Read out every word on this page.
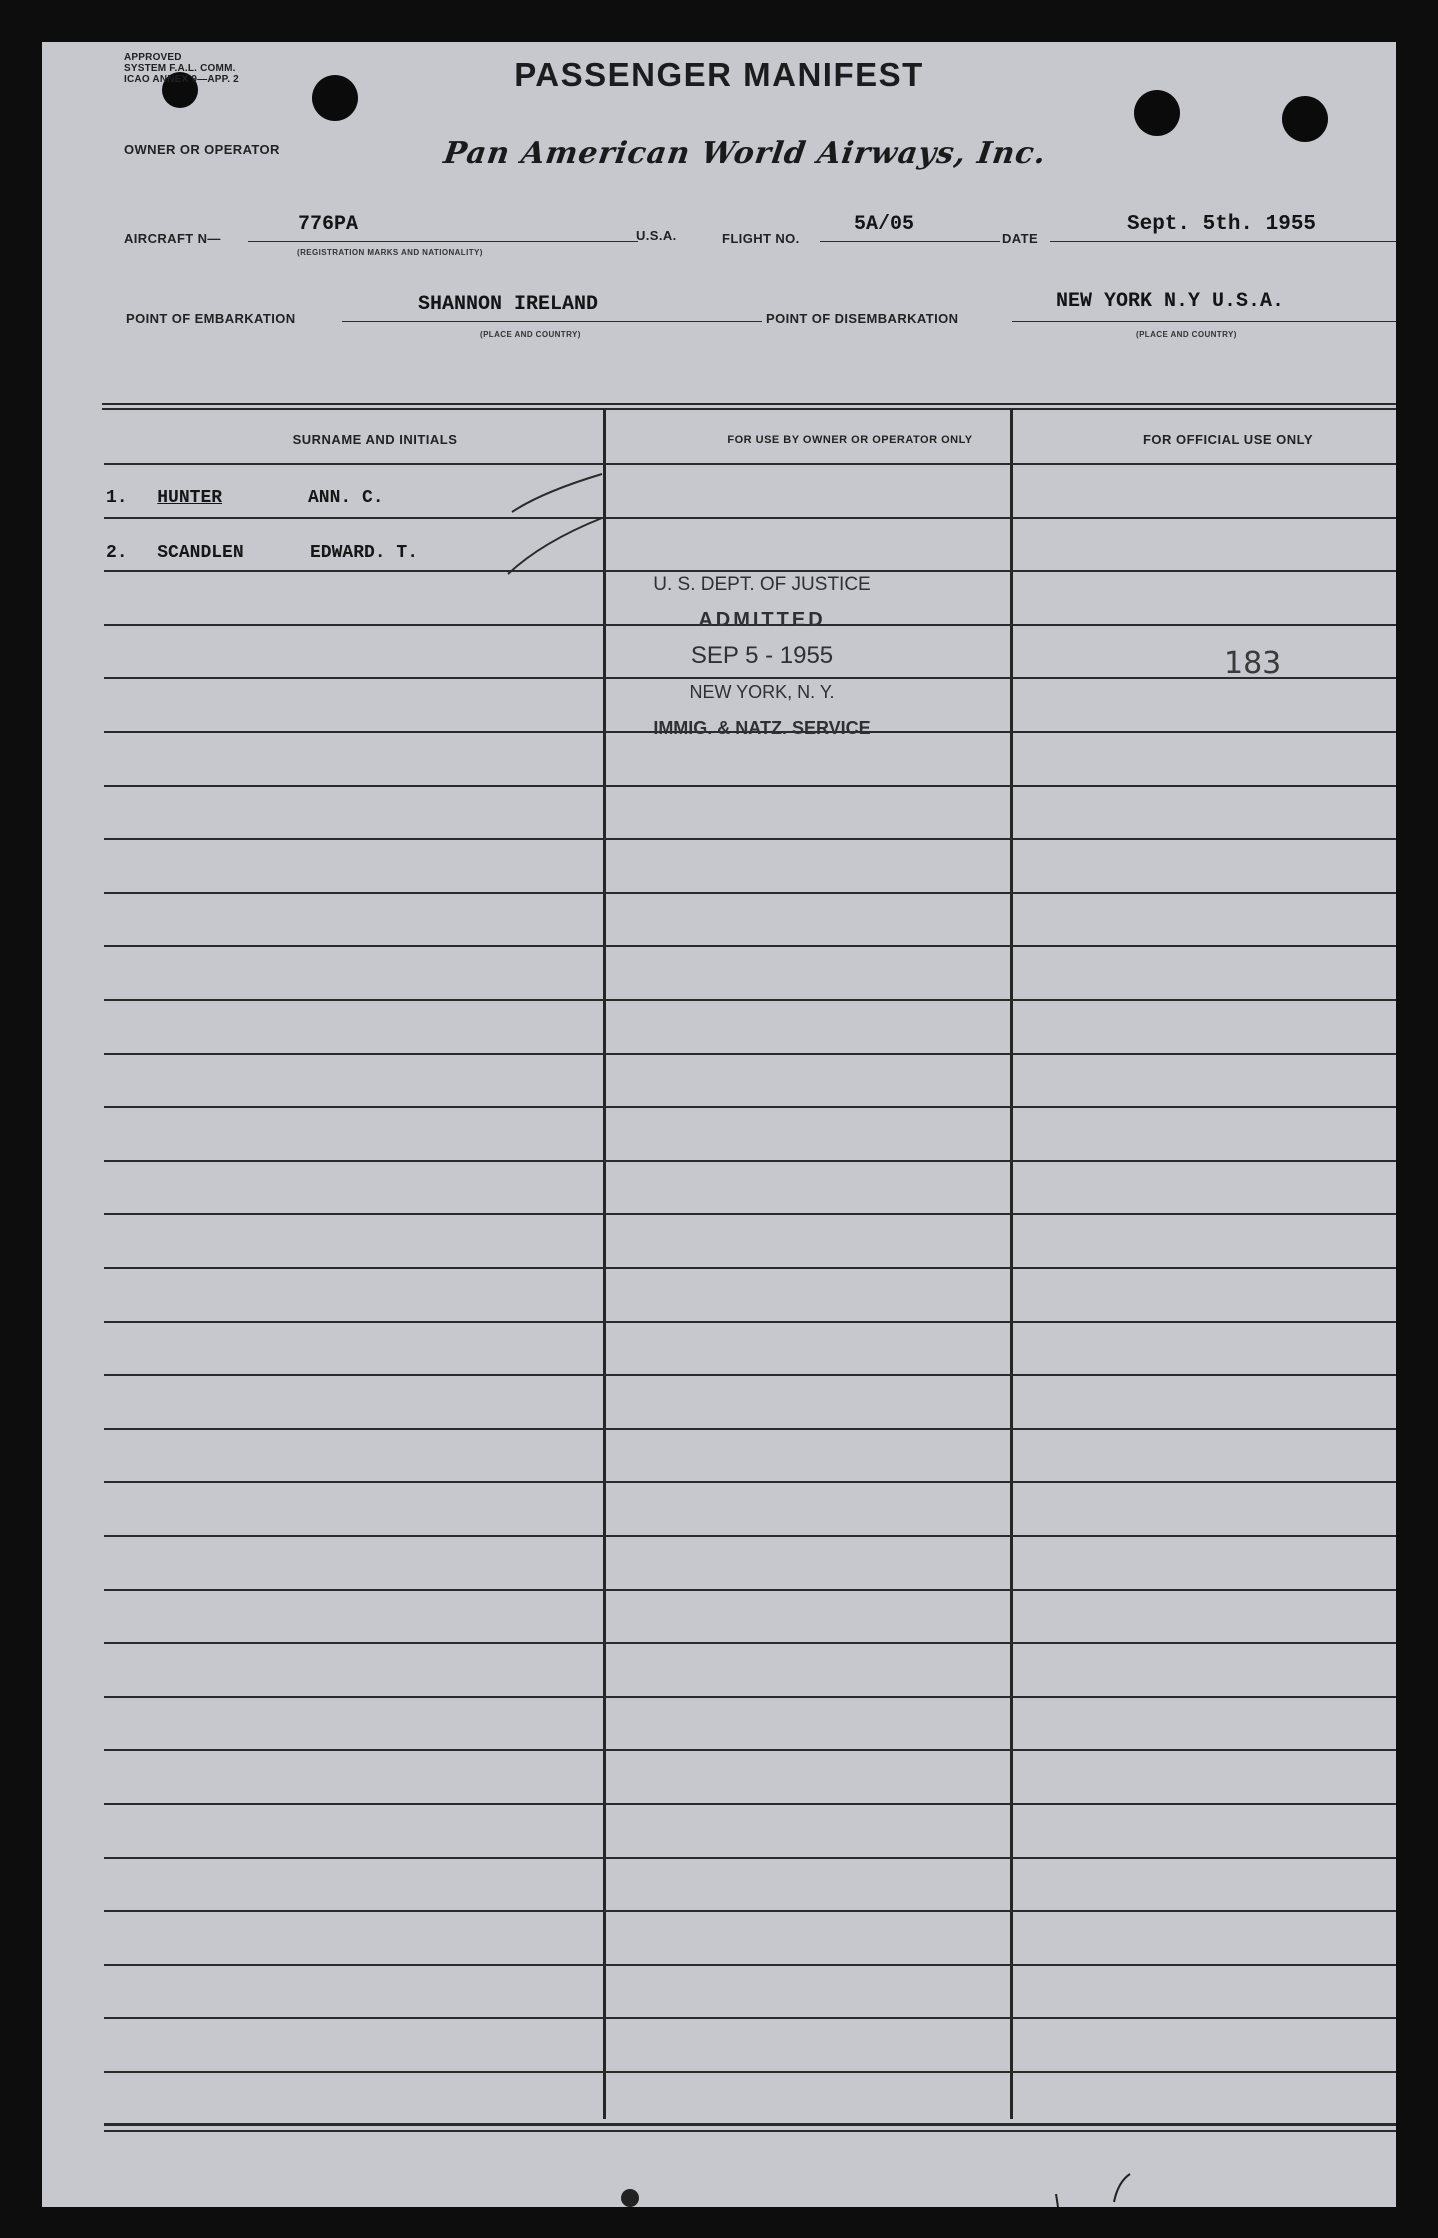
APPROVED
SYSTEM F.A.L. COMM.
ICAO ANNEX 9—APP. 2	PASSENGER MANIFEST
OWNER OR OPERATOR	Pan American World Airways, Inc.
AIRCRAFT N—
776PA
(REGISTRATION MARKS AND NATIONALITY)
U.S.A.	FLIGHT NO.
5A/05
DATE
Sept. 5th. 1955
POINT OF EMBARKATION
SHANNON IRELAND
(PLACE AND COUNTRY)
POINT OF DISEMBARKATION
NEW YORK N.Y U.S.A.
(PLACE AND COUNTRY)
SURNAME AND INITIALS	FOR USE BY OWNER OR OPERATOR ONLY	FOR OFFICIAL USE ONLY
1. HUNTER	ANN. C.
2. SCANDLEN	EDWARD. T.
U. S. DEPT. OF JUSTICE
ADMITTED
SEP 5 - 1955
NEW YORK, N. Y.
IMMIG. & NATZ. SERVICE
183
